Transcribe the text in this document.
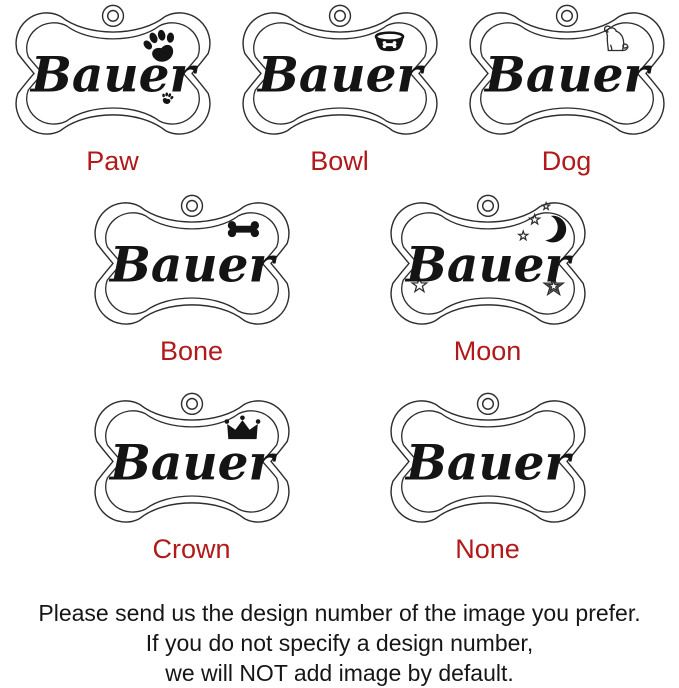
Bauer
Paw
Bauer
Bowl
Bauer
Dog
Bauer
Bone
Bauer
Moon
Bauer
Crown
Bauer
None
Please send us the design number of the image you prefer.
If you do not specify a design number,
we will NOT add image by default.
